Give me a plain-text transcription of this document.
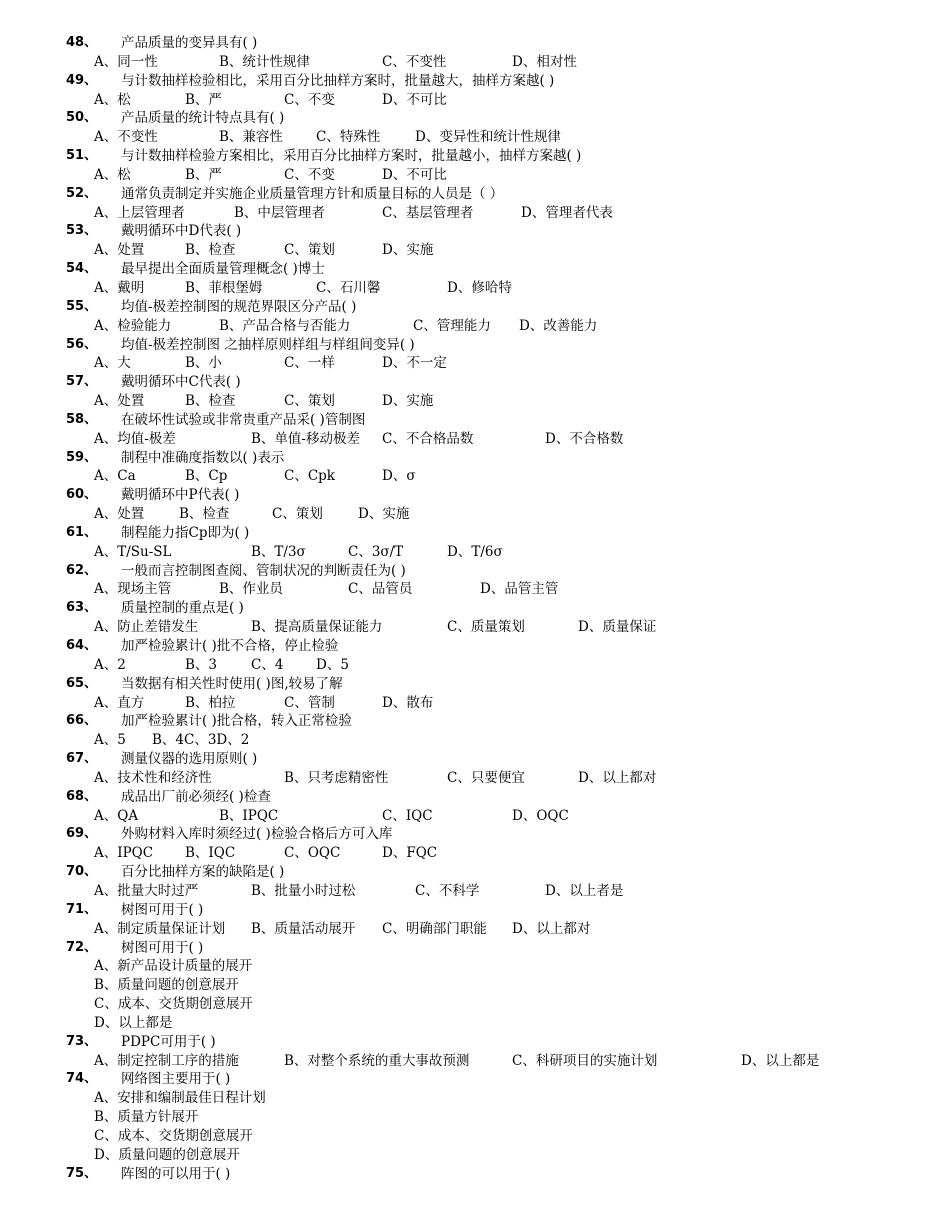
48、 产品质量的变异具有( )
A、同一性	B、统计性规律	C、不变性	D、相对性
49、 与计数抽样检验相比，采用百分比抽样方案时，批量越大，抽样方案越( )
A、松	B、严	C、不变	D、不可比
50、 产品质量的统计特点具有( )
A、不变性	B、兼容性 C、特殊性	D、变异性和统计性规律
51、 与计数抽样检验方案相比，采用百分比抽样方案时，批量越小，抽样方案越( )
A、松	B、严	C、不变	D、不可比
52、 通常负责制定并实施企业质量管理方针和质量目标的人员是（ ）
A、上层管理者	B、中层管理者	C、基层管理者	D、管理者代表
53、 戴明循环中D代表( )
A、处置	B、检查	C、策划	D、实施
54、 最早提出全面质量管理概念( )博士
A、戴明	B、菲根堡姆	C、石川馨	D、修哈特
55、 均值-极差控制图的规范界限区分产品( )
A、检验能力	B、产品合格与否能力	C、管理能力 D、改善能力
56、 均值-极差控制图 之抽样原则样组与样组间变异( )
A、大	B、小	C、一样	D、不一定
57、 戴明循环中C代表( )
A、处置	B、检查	C、策划	D、实施
58、 在破坏性试验或非常贵重产品采( )管制图
A、均值-极差	B、单值-移动极差 C、不合格品数	D、不合格数
59、 制程中准确度指数以( )表示
A、Ca	B、Cp	C、Cpk	D、σ
60、 戴明循环中P代表( )
A、处置	B、检查	C、策划	D、实施
61、 制程能力指Cp即为( )
A、T/Su-SL	B、T/3σ	C、3σ/T	D、T/6σ
62、 一般而言控制图查阅、管制状况的判断责任为( )
A、现场主管	B、作业员	C、品管员	D、品管主管
63、 质量控制的重点是( )
A、防止差错发生	B、提高质量保证能力	C、质量策划	D、质量保证
64、 加严检验累计( )批不合格，停止检验
A、2	B、3	C、4 D、5
65、 当数据有相关性时使用( )图,较易了解
A、直方	B、柏拉	C、管制	D、散布
66、 加严检验累计( )批合格，转入正常检验
A、5 B、4C、3D、2
67、 测量仪器的选用原则( )
A、技术性和经济性	B、只考虑精密性	C、只要便宜	D、以上都对
68、 成品出厂前必须经( )检查
A、QA	B、IPQC	C、IQC	D、OQC
69、 外购材料入库时须经过( )检验合格后方可入库
A、IPQC B、IQC	C、OQC	D、FQC
70、 百分比抽样方案的缺陷是( )
A、批量大时过严	B、批量小时过松	C、不科学	D、以上者是
71、 树图可用于( )
A、制定质量保证计划 B、质量活动展开 C、明确部门职能 D、以上都对
72、 树图可用于( )
A、新产品设计质量的展开
B、质量问题的创意展开
C、成本、交货期创意展开
D、以上都是
73、 PDPC可用于( )
A、制定控制工序的措施	B、对整个系统的重大事故预测	C、科研项目的实施计划	D、以上都是
74、 网络图主要用于( )
A、安排和编制最佳日程计划
B、质量方针展开
C、成本、交货期创意展开
D、质量问题的创意展开
75、 阵图的可以用于( )
